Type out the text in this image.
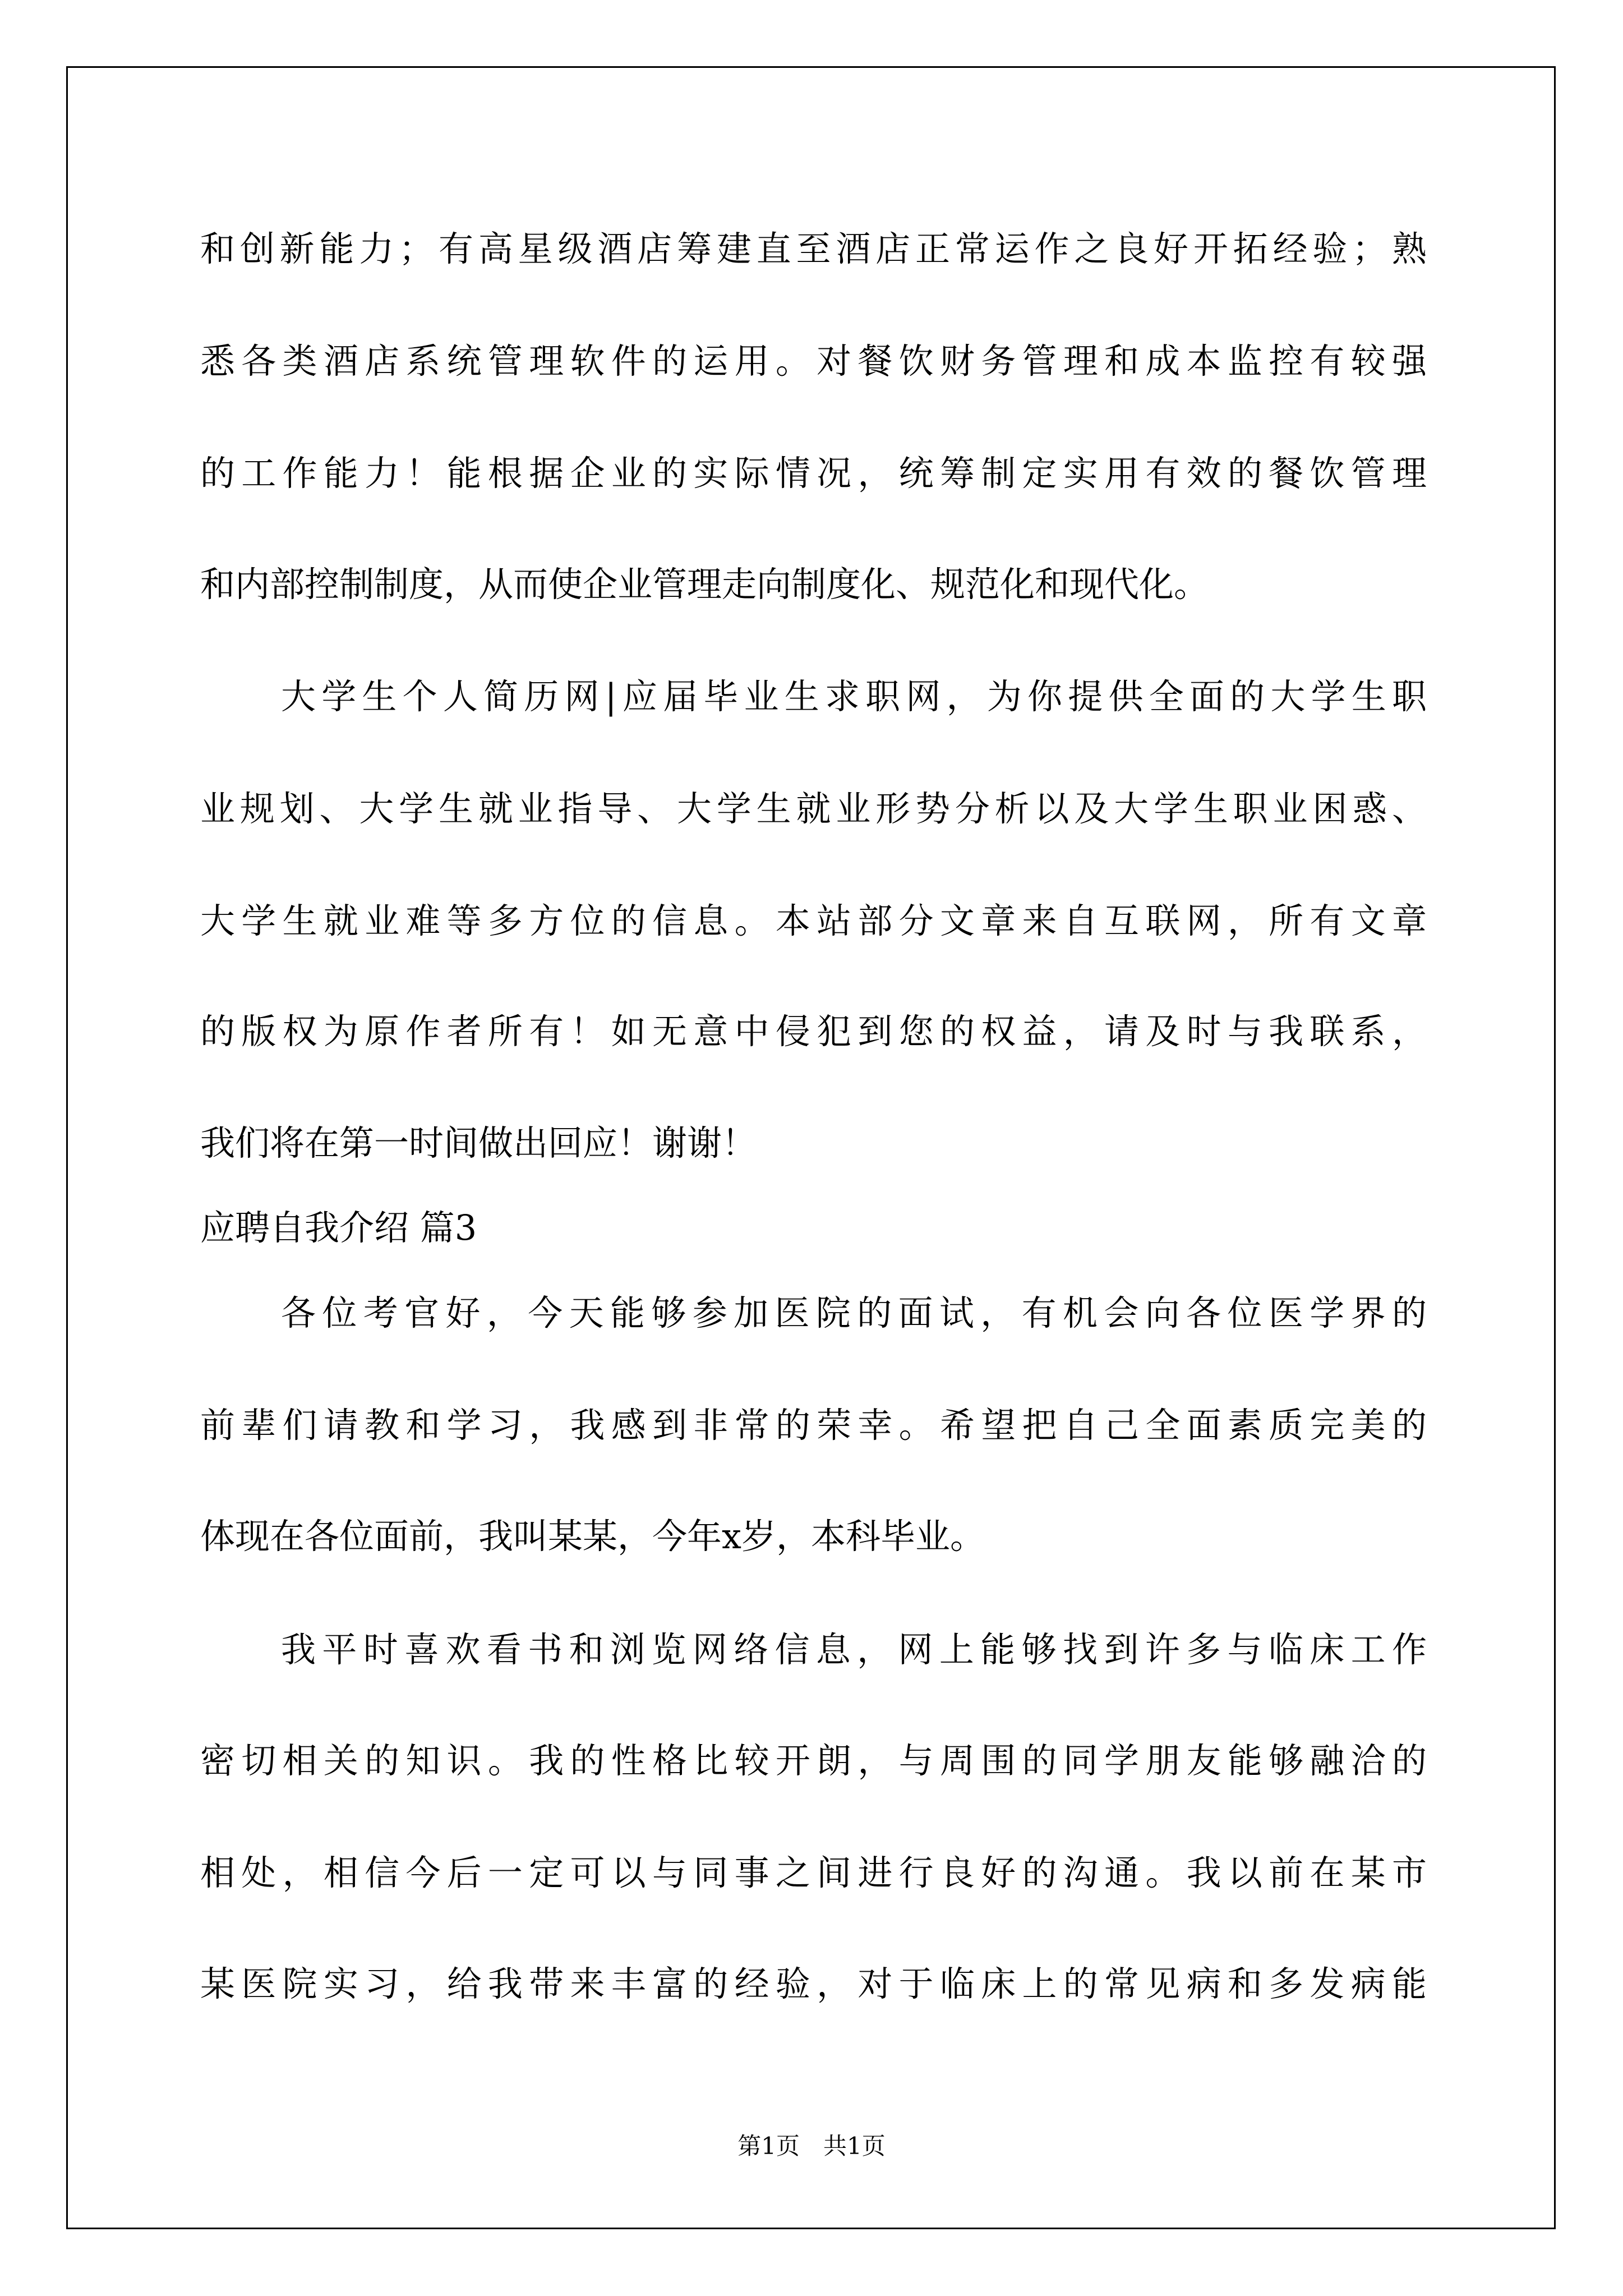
和创新能力；有高星级酒店筹建直至酒店正常运作之良好开拓经验；熟
悉各类酒店系统管理软件的运用。对餐饮财务管理和成本监控有较强
的工作能力！能根据企业的实际情况，统筹制定实用有效的餐饮管理
和内部控制制度，从而使企业管理走向制度化、规范化和现代化。
大学生个人简历网|应届毕业生求职网，为你提供全面的大学生职
业规划、大学生就业指导、大学生就业形势分析以及大学生职业困惑、
大学生就业难等多方位的信息。本站部分文章来自互联网，所有文章
的版权为原作者所有！如无意中侵犯到您的权益，请及时与我联系，
我们将在第一时间做出回应！谢谢！
应聘自我介绍 篇3
各位考官好，今天能够参加医院的面试，有机会向各位医学界的
前辈们请教和学习，我感到非常的荣幸。希望把自己全面素质完美的
体现在各位面前，我叫某某，今年x岁，本科毕业。
我平时喜欢看书和浏览网络信息，网上能够找到许多与临床工作
密切相关的知识。我的性格比较开朗，与周围的同学朋友能够融洽的
相处，相信今后一定可以与同事之间进行良好的沟通。我以前在某市
某医院实习，给我带来丰富的经验，对于临床上的常见病和多发病能
第1页　共1页
